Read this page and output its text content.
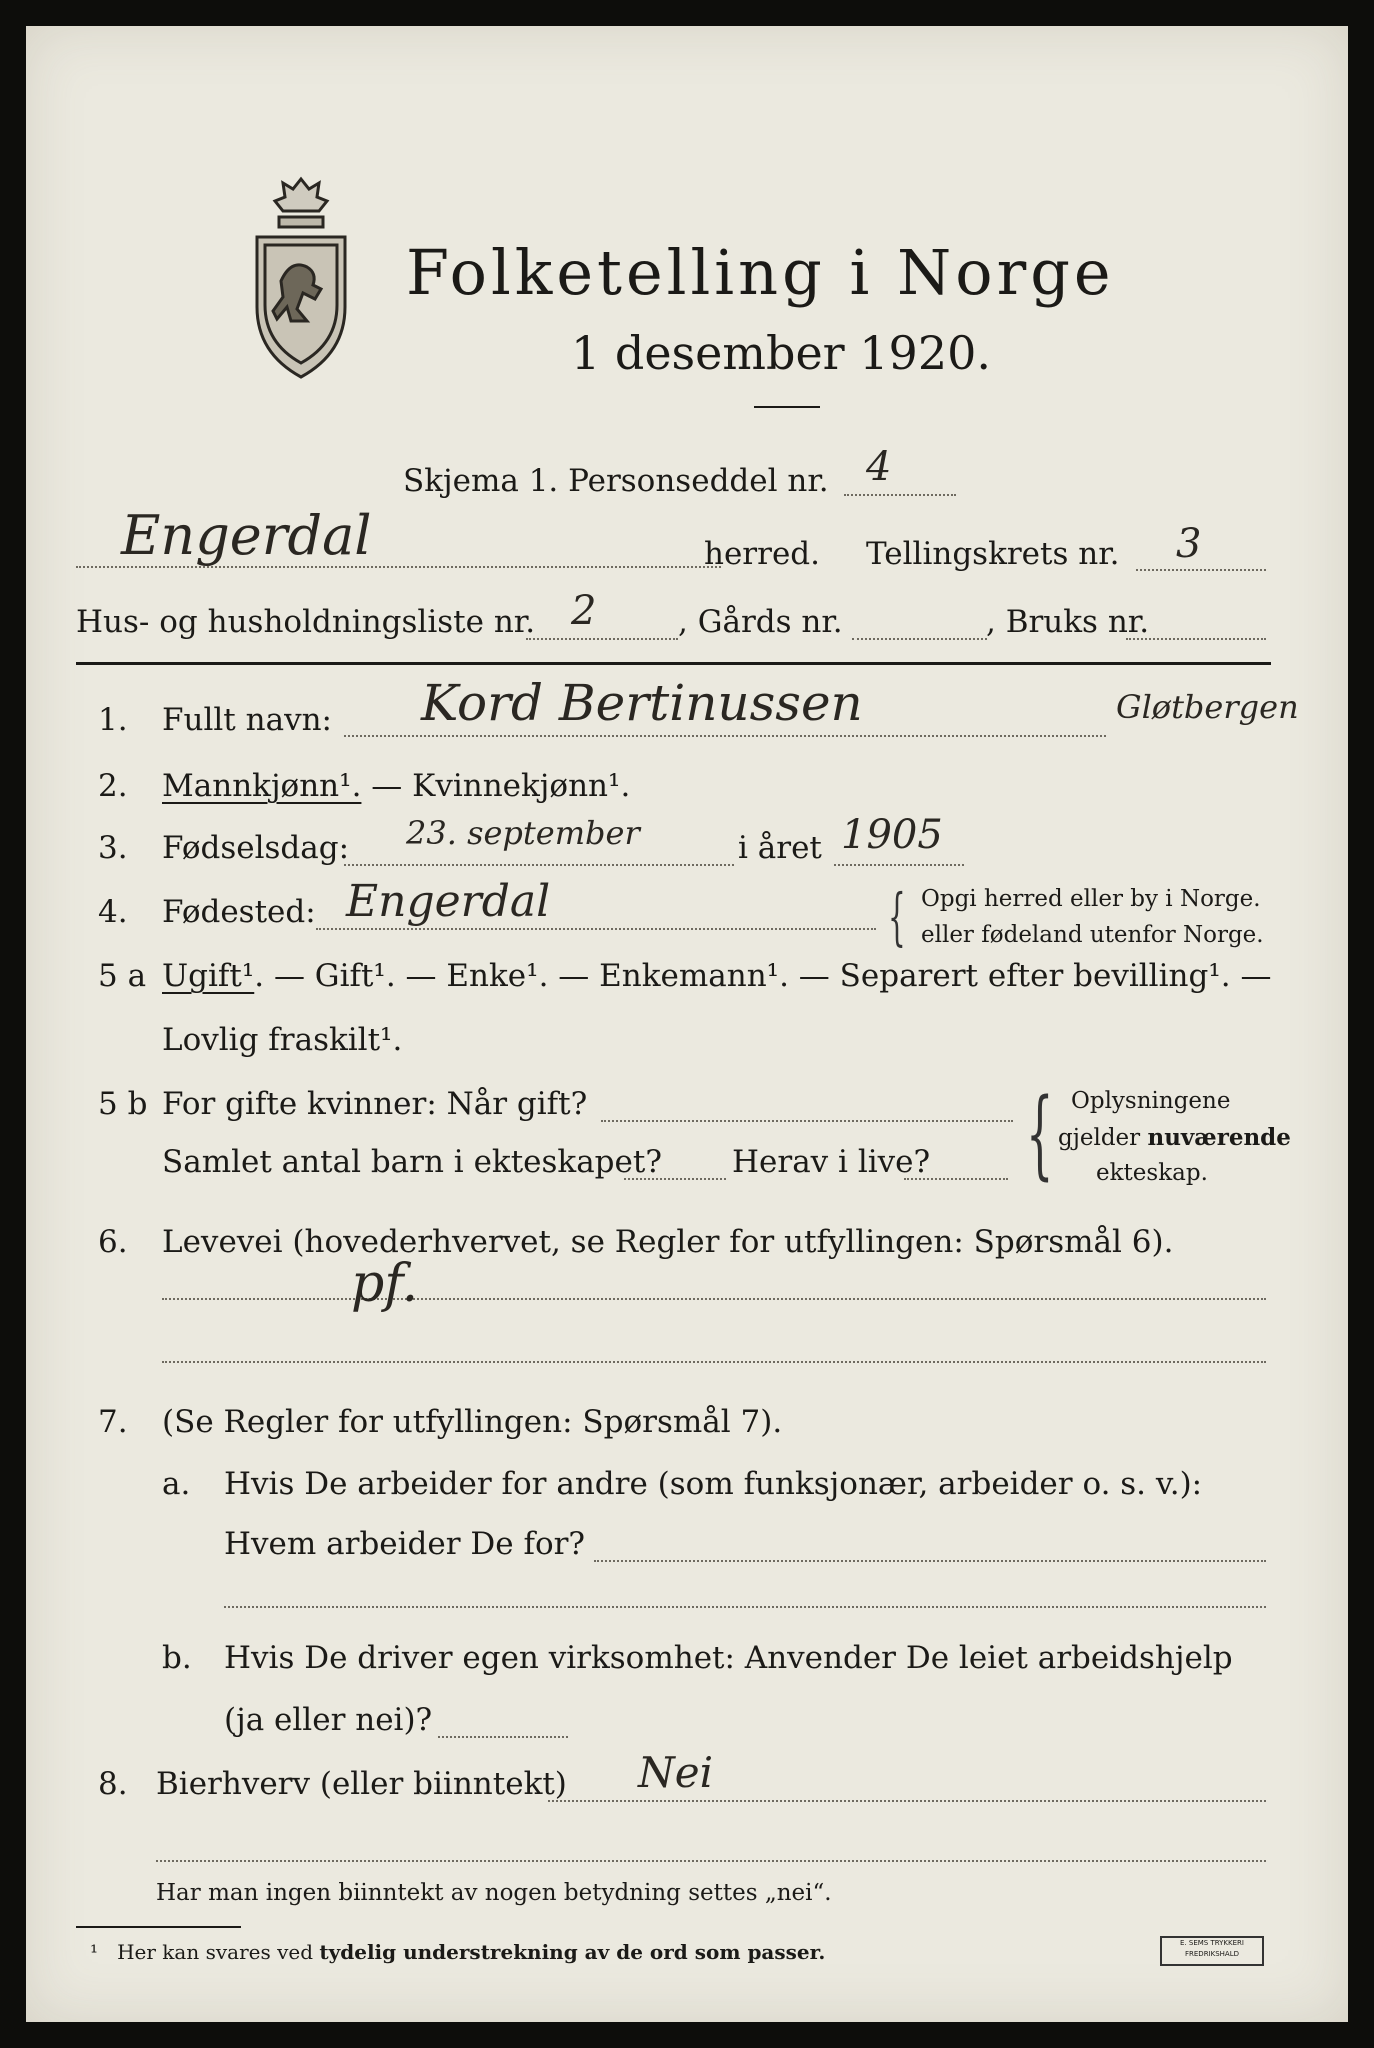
Folketelling i Norge
1 desember 1920.
Skjema 1. Personseddel nr. 4
Engerdal	herred. Tellingskrets nr. 3
Hus- og husholdningsliste nr. 2	, Gårds nr.	, Bruks nr.
1. Fullt navn: Kord Bertinussen	Gløtbergen
2. Mannkjønn¹. — Kvinnekjønn¹.
3. Fødselsdag: 23. september	i året 1905
4. Fødested: Engerdal	{ Opgi herred eller by i Norge.
eller fødeland utenfor Norge.
5 a Ugift¹. — Gift¹. — Enke¹. — Enkemann¹. — Separert efter bevilling¹. —
Lovlig fraskilt¹.
5 b For gifte kvinner: Når gift?
Samlet antal barn i ekteskapet? Herav i live? { Oplysningene
gjelder nuværende
ekteskap.
6. Levevei (hovederhvervet, se Regler for utfyllingen: Spørsmål 6).
pf.
7. (Se Regler for utfyllingen: Spørsmål 7).
a. Hvis De arbeider for andre (som funksjonær, arbeider o. s. v.):
Hvem arbeider De for?
b. Hvis De driver egen virksomhet: Anvender De leiet arbeidshjelp
(ja eller nei)?
8. Bierhverv (eller biinntekt) Nei
Har man ingen biinntekt av nogen betydning settes „nei“.
¹ Her kan svares ved tydelig understrekning av de ord som passer.	E. SEMS TRYKKERI
FREDRIKSHALD
